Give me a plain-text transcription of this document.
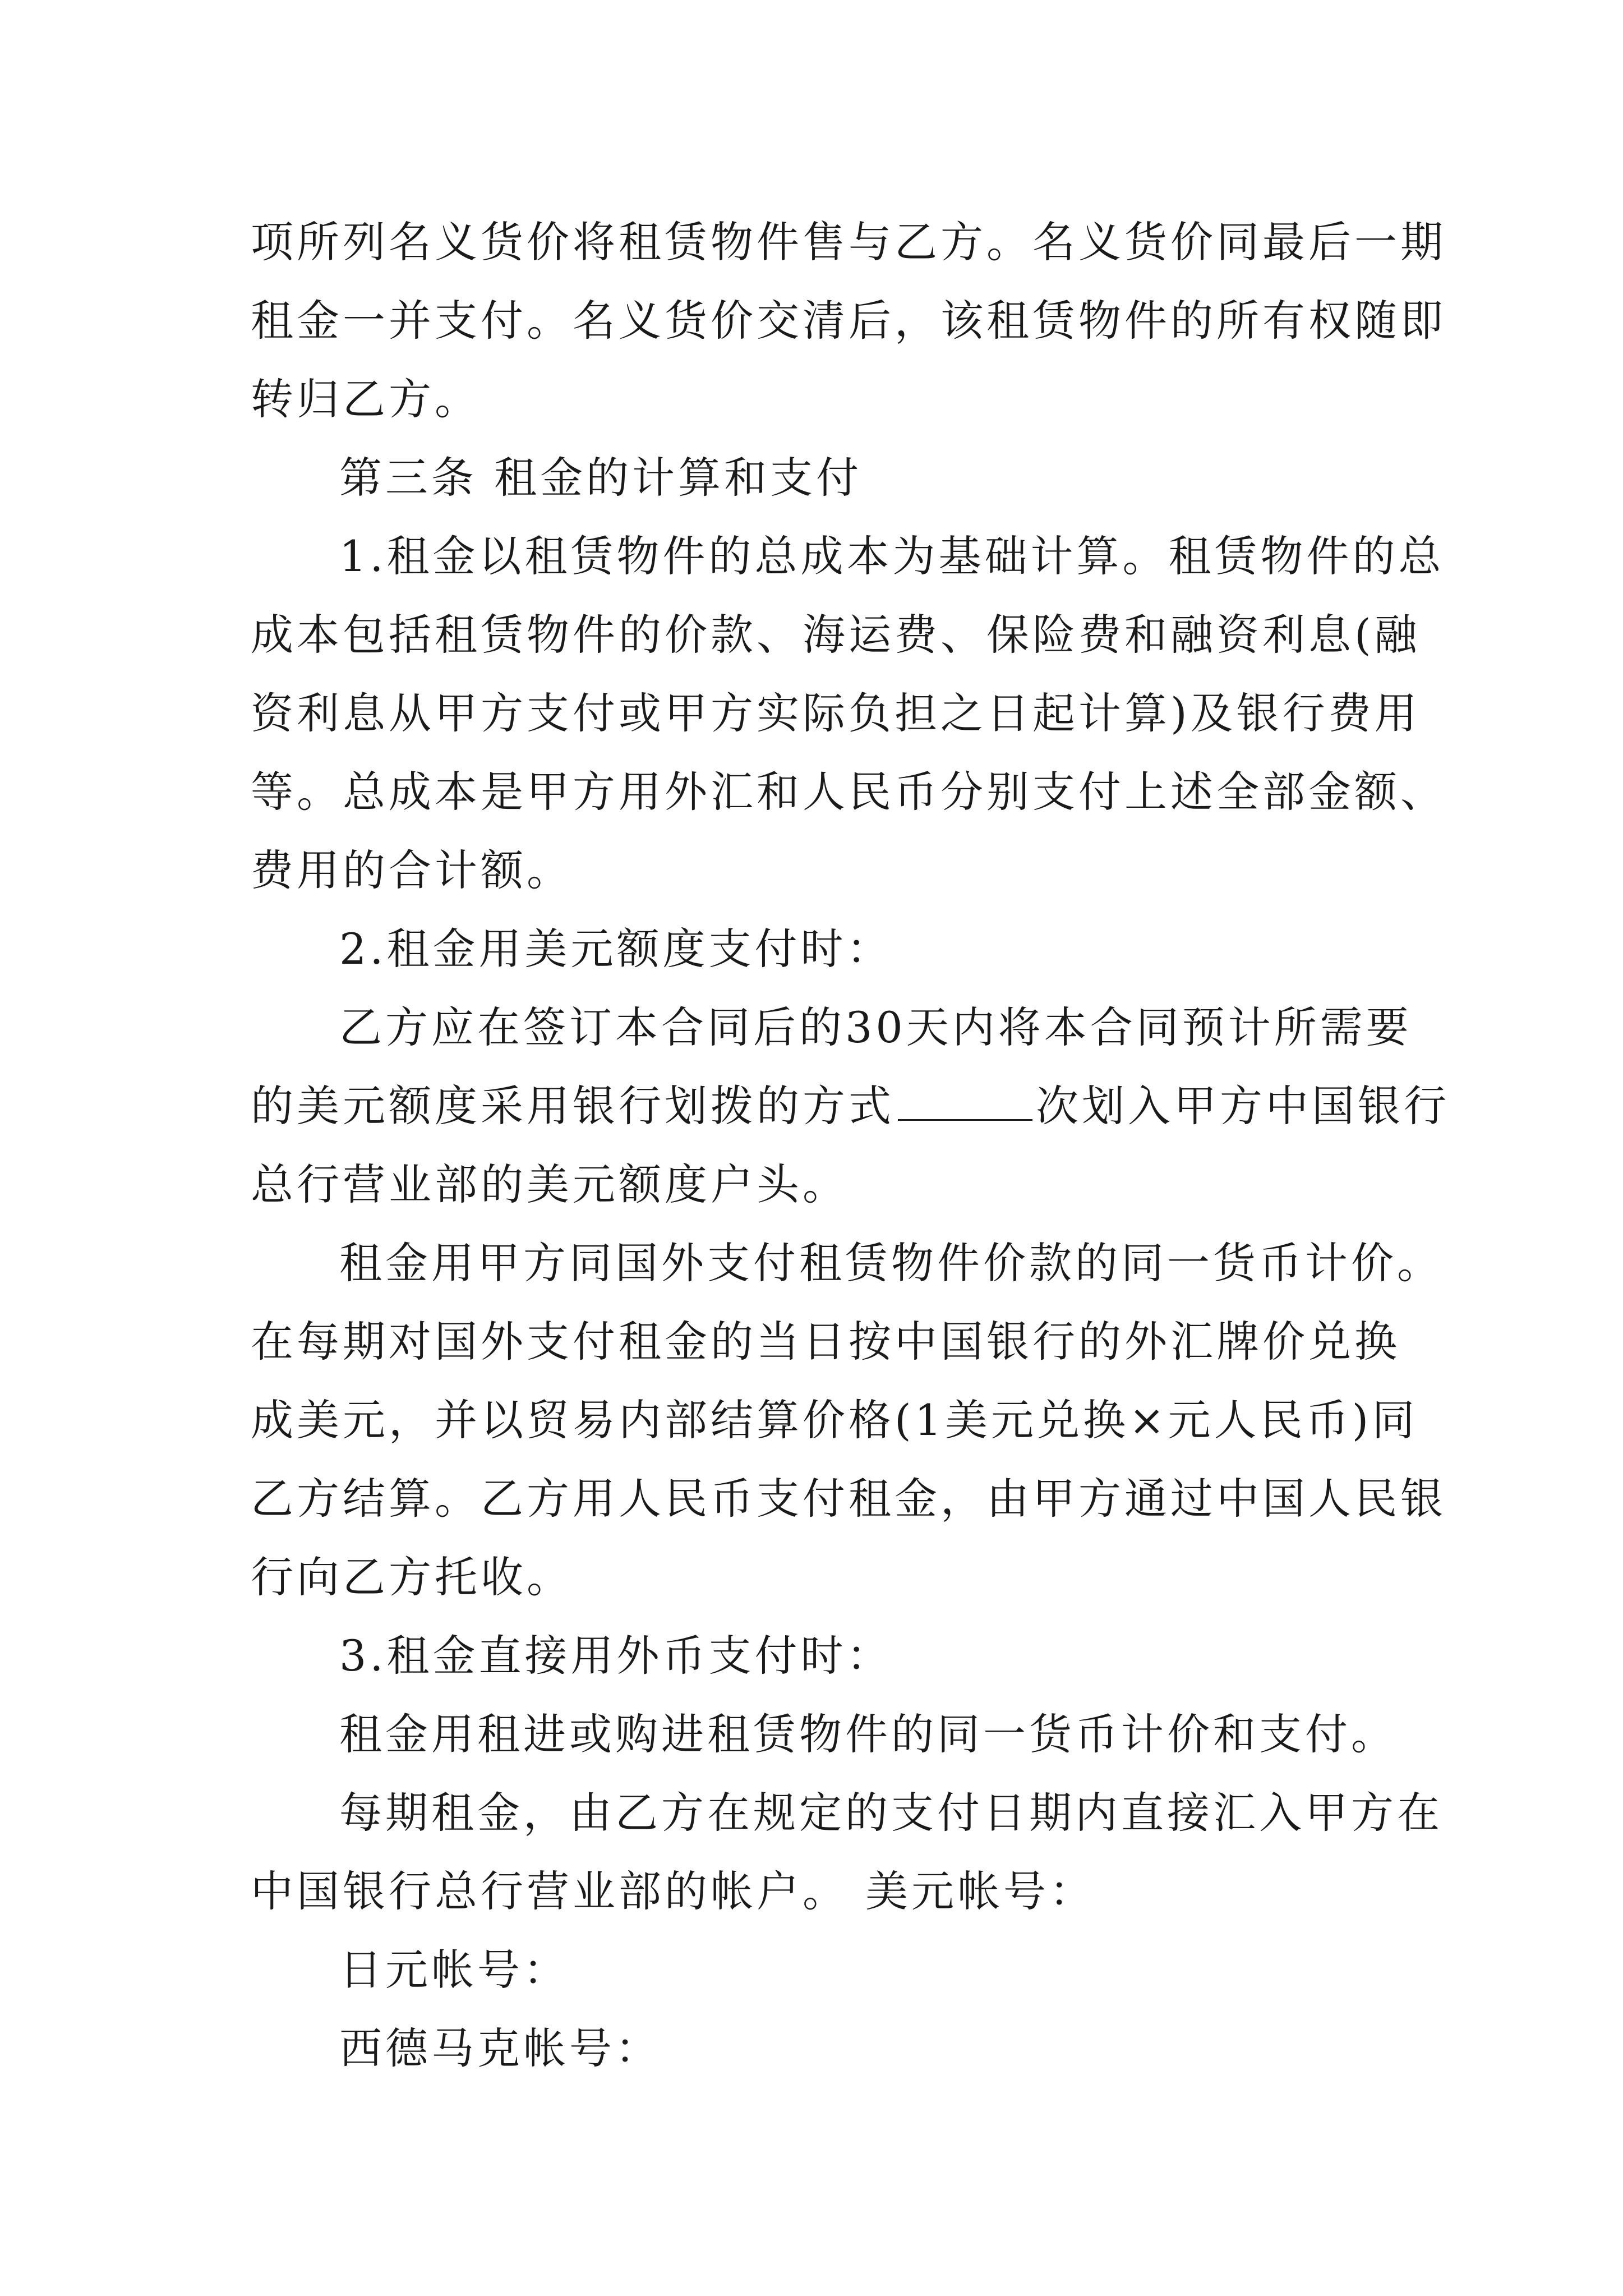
项所列名义货价将租赁物件售与乙方。名义货价同最后一期
租金一并支付。名义货价交清后，该租赁物件的所有权随即
转归乙方。
第三条 租金的计算和支付
1.租金以租赁物件的总成本为基础计算。租赁物件的总
成本包括租赁物件的价款、海运费、保险费和融资利息(融
资利息从甲方支付或甲方实际负担之日起计算)及银行费用
等。总成本是甲方用外汇和人民币分别支付上述全部金额、
费用的合计额。
2.租金用美元额度支付时：
乙方应在签订本合同后的30天内将本合同预计所需要
的美元额度采用银行划拨的方式	次划入甲方中国银行
总行营业部的美元额度户头。
租金用甲方同国外支付租赁物件价款的同一货币计价。
在每期对国外支付租金的当日按中国银行的外汇牌价兑换
成美元，并以贸易内部结算价格(1美元兑换×元人民币)同
乙方结算。乙方用人民币支付租金，由甲方通过中国人民银
行向乙方托收。
3.租金直接用外币支付时：
租金用租进或购进租赁物件的同一货币计价和支付。
每期租金，由乙方在规定的支付日期内直接汇入甲方在
中国银行总行营业部的帐户。 美元帐号：
日元帐号：
西德马克帐号：
